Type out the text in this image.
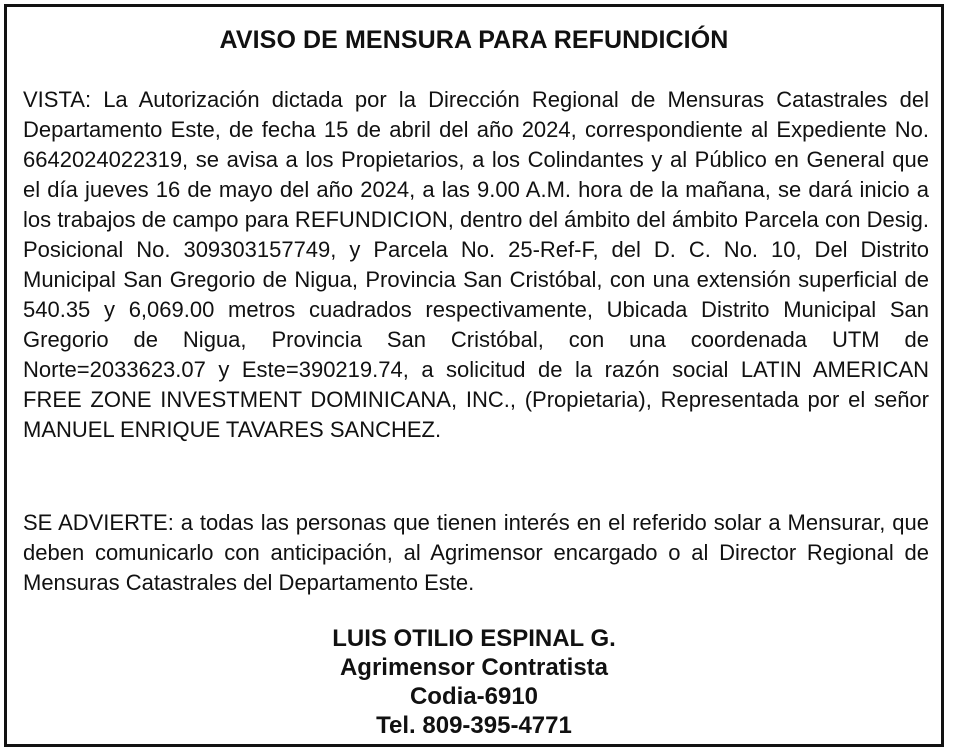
AVISO DE MENSURA PARA REFUNDICIÓN

VISTA: La Autorización dictada por la Dirección Regional de Mensuras Catastrales del Departamento Este, de fecha 15 de abril del año 2024, correspondiente al Expediente No. 6642024022319, se avisa a los Propietarios, a los Colindantes y al Público en General que el día jueves 16 de mayo del año 2024, a las 9.00 A.M. hora de la mañana, se dará inicio a los trabajos de campo para REFUNDICION, dentro del ámbito del ámbito Parcela con Desig. Posicional No. 309303157749, y Parcela No. 25-Ref-F, del D. C. No. 10, Del Distrito Municipal San Gregorio de Nigua, Provincia San Cristóbal, con una extensión superficial de 540.35 y 6,069.00 metros cuadrados respectivamente, Ubicada Distrito Municipal San Gregorio de Nigua, Provincia San Cristóbal, con una coordenada UTM de Norte=2033623.07 y Este=390219.74, a solicitud de la razón social LATIN AMERICAN FREE ZONE INVESTMENT DOMINICANA, INC., (Propietaria), Representada por el señor MANUEL ENRIQUE TAVARES SANCHEZ.

SE ADVIERTE: a todas las personas que tienen interés en el referido solar a Mensurar, que deben comunicarlo con anticipación, al Agrimensor encargado o al Director Regional de Mensuras Catastrales del Departamento Este.

LUIS OTILIO ESPINAL G.
Agrimensor Contratista
Codia-6910
Tel. 809-395-4771
